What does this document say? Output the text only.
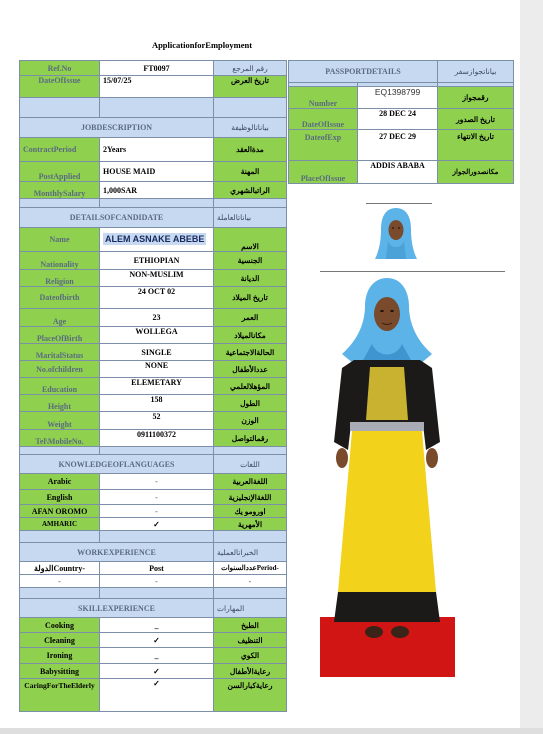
ApplicationforEmployment
Ref.No	FT0097	رقم المرجع
DateOfIssue	15/07/25	تاريخ العرض

JOBDESCRIPTION		بياناتالوظيفة
ContractPeriod	2Years	مدةالعقد
PostApplied	HOUSE MAID	المهنة
MonthlySalary	1,000SAR	الراتبالشهري

DETAILSOFCANDIDATE		بياناتالعاملة
Name	ALEM ASNAKE ABEBE	الاسم
Nationality	ETHIOPIAN	الجنسية
Religion	NON-MUSLIM	الديانة
Dateofbirth	24 OCT 02	تاريخ الميلاد
Age	23	العمر
PlaceOfBirth	WOLLEGA	مكانالميلاد
MaritalStatus	SINGLE	الحالةالاجتماعية
No.ofchildren	NONE	عددالأطفال
Education	ELEMETARY	المؤهلالعلمي
Height	158	الطول
Weight	52	الوزن
Tel\MobileNo.	0911100372	رقمالتواصل

KNOWLEDGEOFLANGUAGES		اللغات
Arabic	-	اللغةالعربية
English	-	اللغةالإنجليزية
AFAN OROMO	-	اورومو يك
AMHARIC	✓	الأمهرية

WORKEXPERIENCE		الخبراتالعملية
الدولةCountry-	Post	عددالسنواتPeriod-
-	-	-

SKILLEXPERIENCE		المهارات
Cooking	_	الطبخ
Cleaning	✓	التنظيف
Ironing	_	الكوي
Babysitting	✓	رعايةالأطفال
CaringForTheElderly	✓	رعايةكبارالسن
PASSPORTDETAILS		بياناتجوازسفر

Number	EQ1398799	رقمجواز
DateOfIssue	28 DEC 24	تاريخ الصدور
DateofExp	27 DEC 29	تاريخ الانتهاء
PlaceOfIssue	ADDIS ABABA	مكانصدورالجواز
